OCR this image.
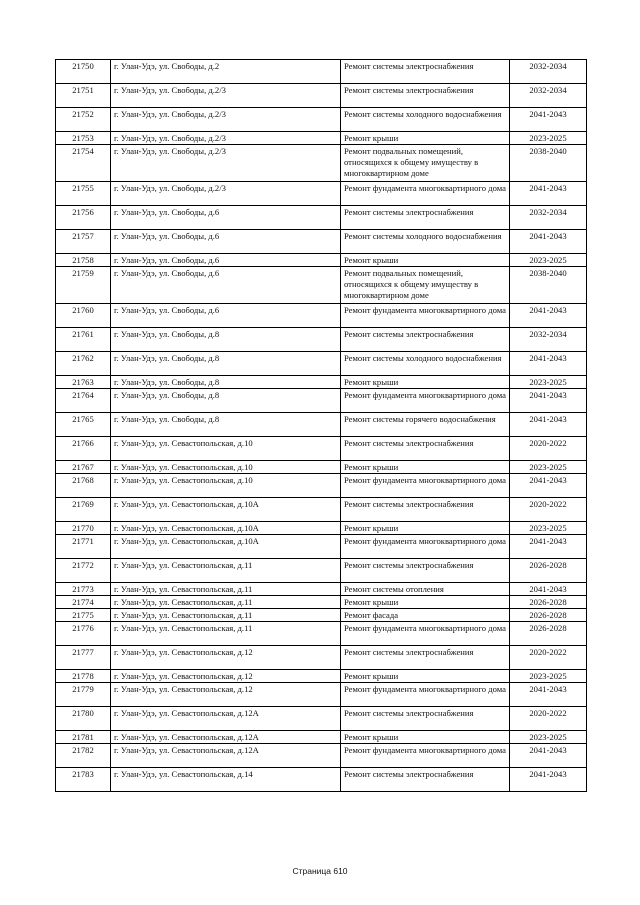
21750	г. Улан-Удэ, ул. Свободы, д.2	Ремонт системы электроснабжения	2032-2034
21751	г. Улан-Удэ, ул. Свободы, д.2/3	Ремонт системы электроснабжения	2032-2034
21752	г. Улан-Удэ, ул. Свободы, д.2/3	Ремонт системы холодного водоснабжения	2041-2043
21753	г. Улан-Удэ, ул. Свободы, д.2/3	Ремонт крыши	2023-2025
21754	г. Улан-Удэ, ул. Свободы, д.2/3	Ремонт подвальных помещений, относящихся к общему имуществу в многоквартирном доме	2038-2040
21755	г. Улан-Удэ, ул. Свободы, д.2/3	Ремонт фундамента многоквартирного дома	2041-2043
21756	г. Улан-Удэ, ул. Свободы, д.6	Ремонт системы электроснабжения	2032-2034
21757	г. Улан-Удэ, ул. Свободы, д.6	Ремонт системы холодного водоснабжения	2041-2043
21758	г. Улан-Удэ, ул. Свободы, д.6	Ремонт крыши	2023-2025
21759	г. Улан-Удэ, ул. Свободы, д.6	Ремонт подвальных помещений, относящихся к общему имуществу в многоквартирном доме	2038-2040
21760	г. Улан-Удэ, ул. Свободы, д.6	Ремонт фундамента многоквартирного дома	2041-2043
21761	г. Улан-Удэ, ул. Свободы, д.8	Ремонт системы электроснабжения	2032-2034
21762	г. Улан-Удэ, ул. Свободы, д.8	Ремонт системы холодного водоснабжения	2041-2043
21763	г. Улан-Удэ, ул. Свободы, д.8	Ремонт крыши	2023-2025
21764	г. Улан-Удэ, ул. Свободы, д.8	Ремонт фундамента многоквартирного дома	2041-2043
21765	г. Улан-Удэ, ул. Свободы, д.8	Ремонт системы горячего водоснабжения	2041-2043
21766	г. Улан-Удэ, ул. Севастопольская, д.10	Ремонт системы электроснабжения	2020-2022
21767	г. Улан-Удэ, ул. Севастопольская, д.10	Ремонт крыши	2023-2025
21768	г. Улан-Удэ, ул. Севастопольская, д.10	Ремонт фундамента многоквартирного дома	2041-2043
21769	г. Улан-Удэ, ул. Севастопольская, д.10А	Ремонт системы электроснабжения	2020-2022
21770	г. Улан-Удэ, ул. Севастопольская, д.10А	Ремонт крыши	2023-2025
21771	г. Улан-Удэ, ул. Севастопольская, д.10А	Ремонт фундамента многоквартирного дома	2041-2043
21772	г. Улан-Удэ, ул. Севастопольская, д.11	Ремонт системы электроснабжения	2026-2028
21773	г. Улан-Удэ, ул. Севастопольская, д.11	Ремонт системы отопления	2041-2043
21774	г. Улан-Удэ, ул. Севастопольская, д.11	Ремонт крыши	2026-2028
21775	г. Улан-Удэ, ул. Севастопольская, д.11	Ремонт фасада	2026-2028
21776	г. Улан-Удэ, ул. Севастопольская, д.11	Ремонт фундамента многоквартирного дома	2026-2028
21777	г. Улан-Удэ, ул. Севастопольская, д.12	Ремонт системы электроснабжения	2020-2022
21778	г. Улан-Удэ, ул. Севастопольская, д.12	Ремонт крыши	2023-2025
21779	г. Улан-Удэ, ул. Севастопольская, д.12	Ремонт фундамента многоквартирного дома	2041-2043
21780	г. Улан-Удэ, ул. Севастопольская, д.12А	Ремонт системы электроснабжения	2020-2022
21781	г. Улан-Удэ, ул. Севастопольская, д.12А	Ремонт крыши	2023-2025
21782	г. Улан-Удэ, ул. Севастопольская, д.12А	Ремонт фундамента многоквартирного дома	2041-2043
21783	г. Улан-Удэ, ул. Севастопольская, д.14	Ремонт системы электроснабжения	2041-2043
Страница 610
